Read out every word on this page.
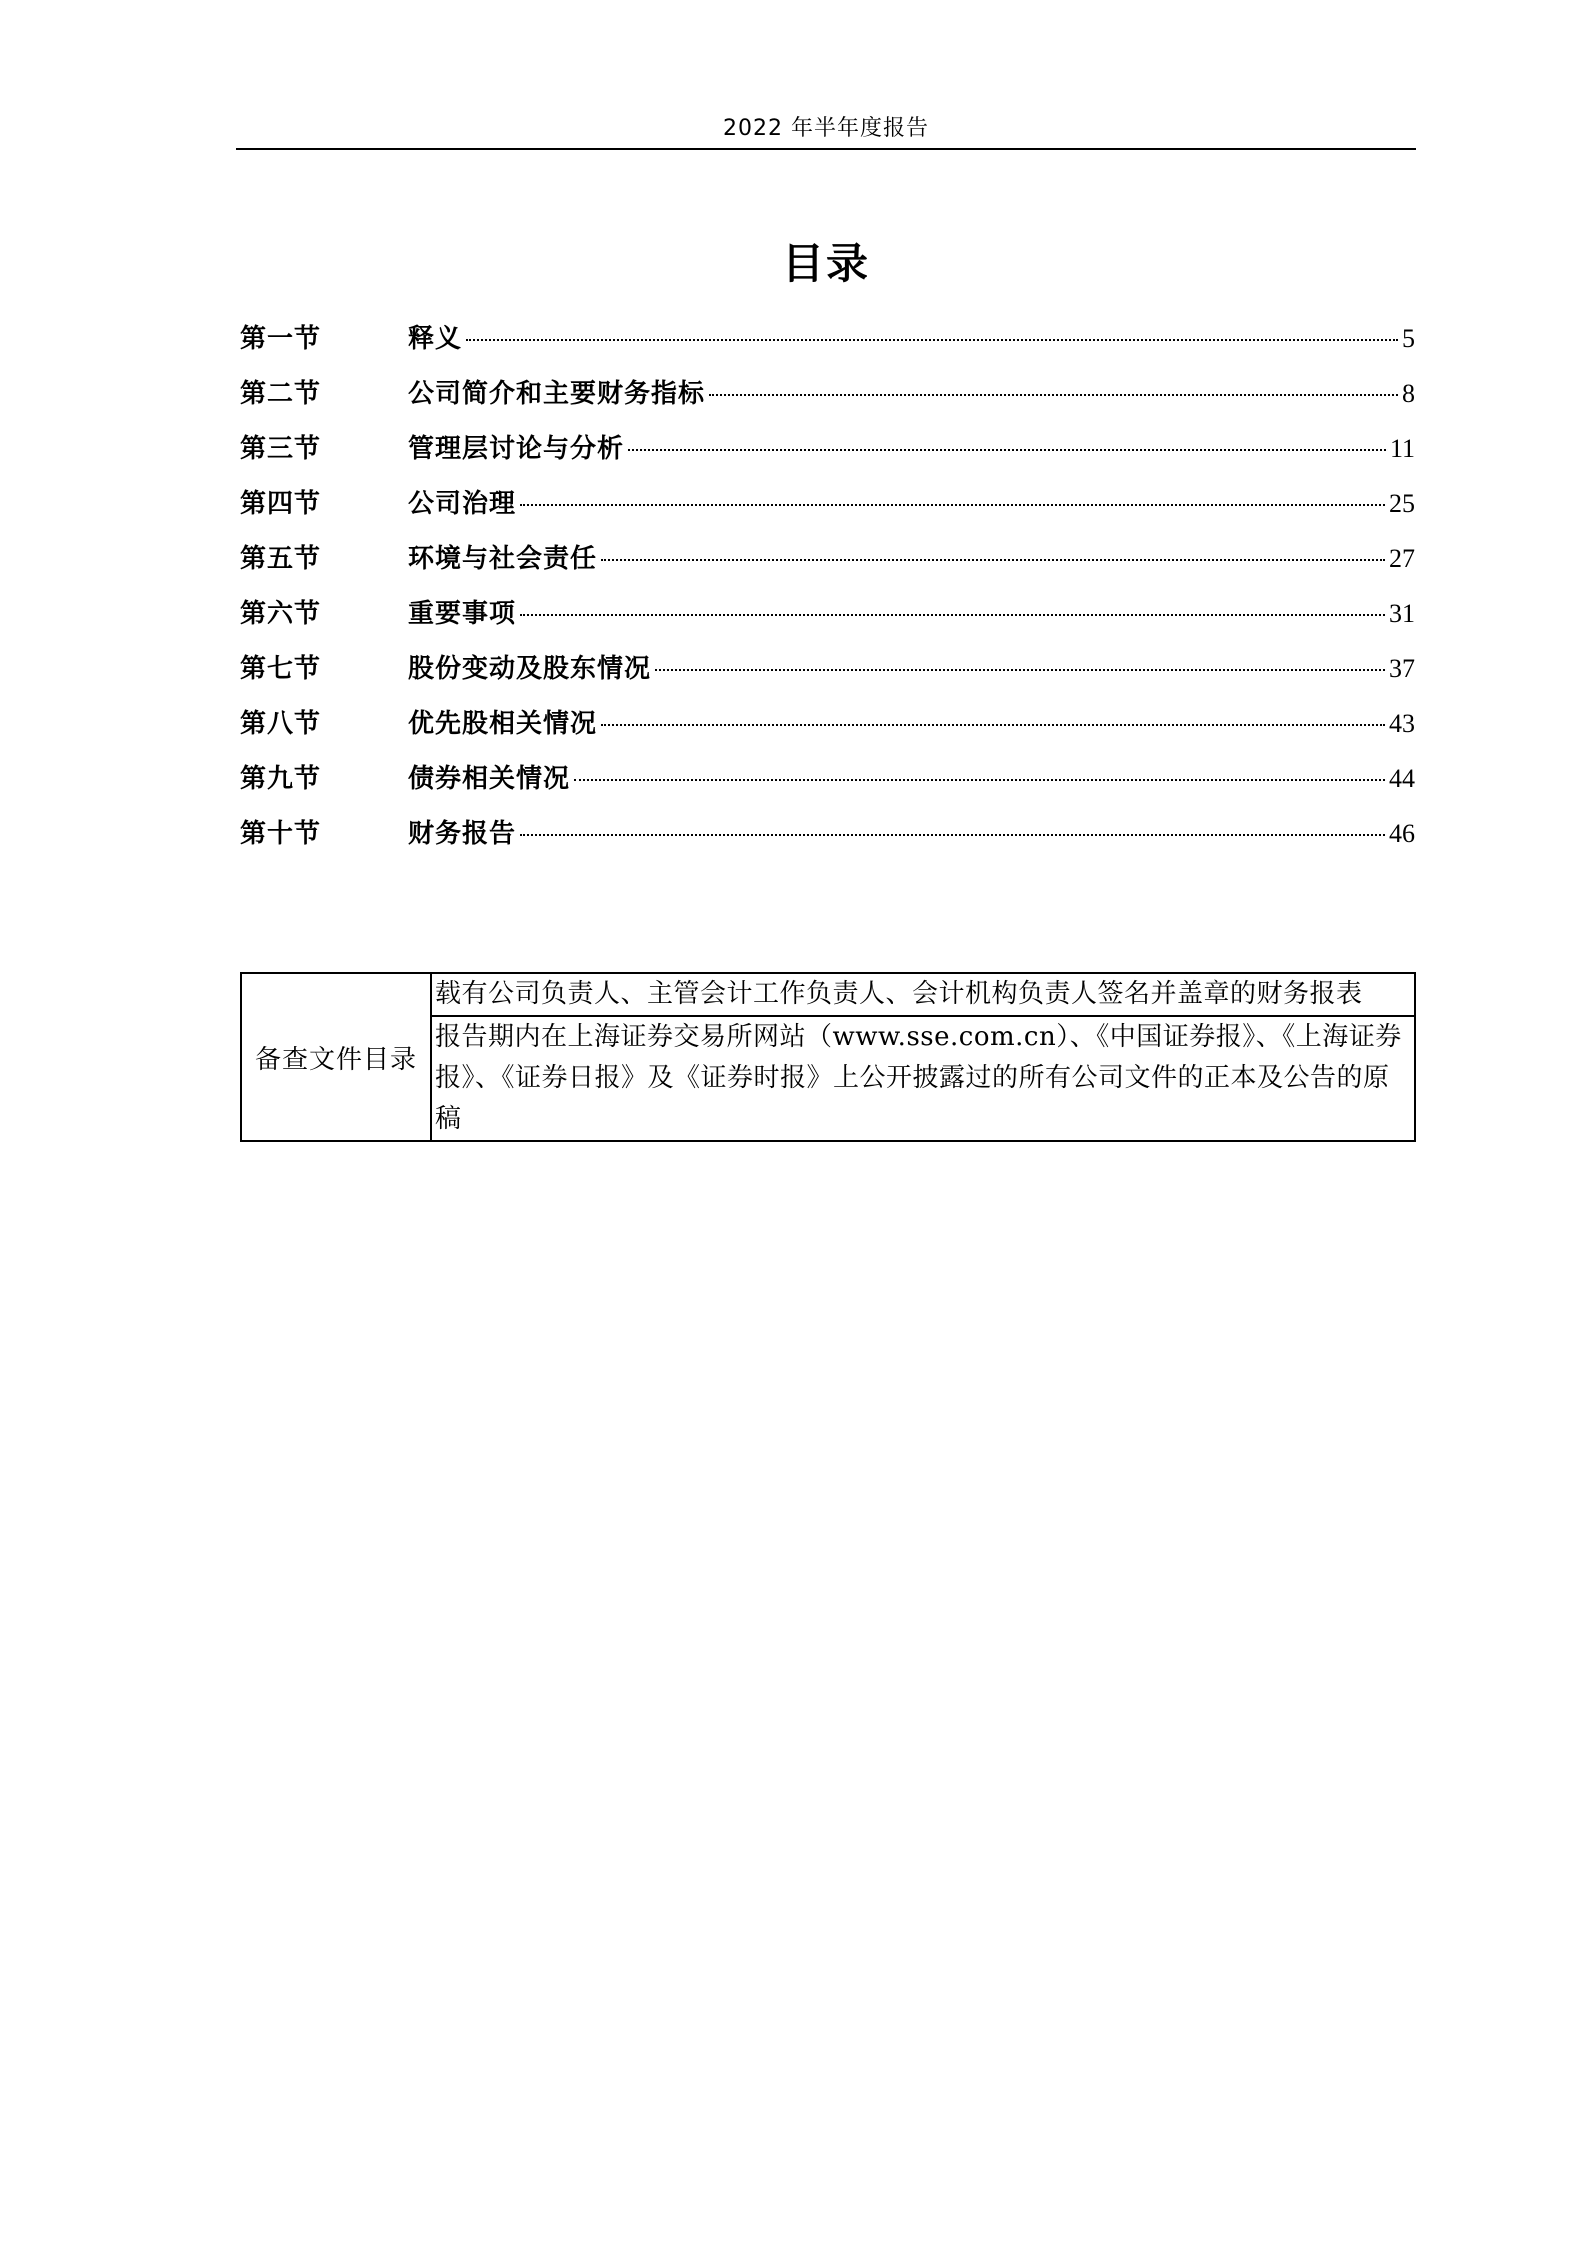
2022 年半年度报告
目录
第一节	释义	5
第二节	公司简介和主要财务指标	8
第三节	管理层讨论与分析	11
第四节	公司治理	25
第五节	环境与社会责任	27
第六节	重要事项	31
第七节	股份变动及股东情况	37
第八节	优先股相关情况	43
第九节	债券相关情况	44
第十节	财务报告	46
备查文件目录	载有公司负责人、主管会计工作负责人、会计机构负责人签名并盖章的财务报表
报告期内在上海证券交易所网站（www.sse.com.cn）、《中国证券报》、《上海证券报》、《证券日报》及《证券时报》上公开披露过的所有公司文件的正本及公告的原稿
